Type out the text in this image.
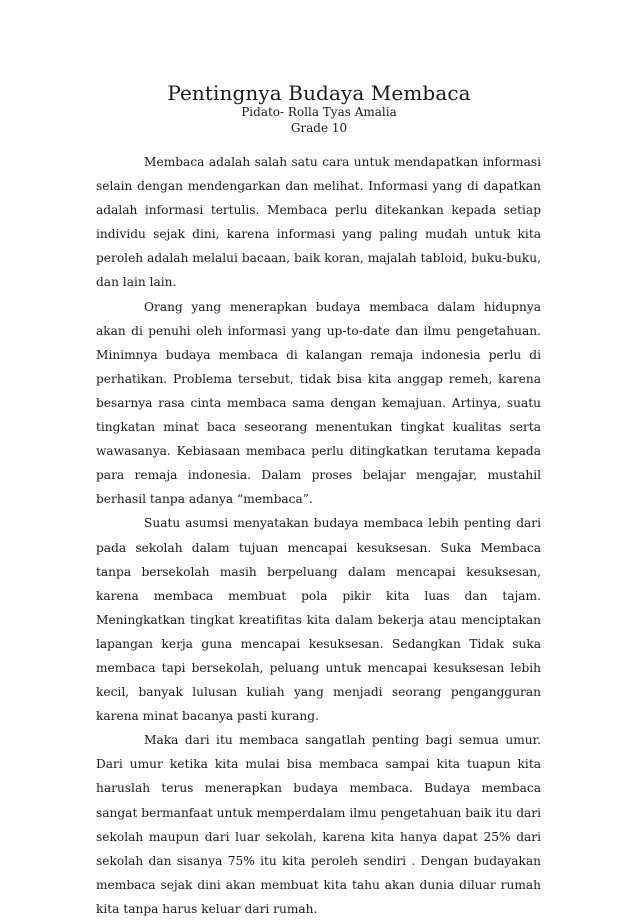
Pentingnya Budaya Membaca
Pidato- Rolla Tyas Amalia
Grade 10

Membaca adalah salah satu cara untuk mendapatkan informasi selain dengan mendengarkan dan melihat. Informasi yang di dapatkan adalah informasi tertulis. Membaca perlu ditekankan kepada setiap individu sejak dini, karena informasi yang paling mudah untuk kita peroleh adalah melalui bacaan, baik koran, majalah tabloid, buku-buku, dan lain lain.

Orang yang menerapkan budaya membaca dalam hidupnya akan di penuhi oleh informasi yang up-to-date dan ilmu pengetahuan. Minimnya budaya membaca di kalangan remaja indonesia perlu di perhatikan. Problema tersebut, tidak bisa kita anggap remeh, karena besarnya rasa cinta membaca sama dengan kemajuan. Artinya, suatu tingkatan minat baca seseorang menentukan tingkat kualitas serta wawasanya. Kebiasaan membaca perlu ditingkatkan terutama kepada para remaja indonesia. Dalam proses belajar mengajar, mustahil berhasil tanpa adanya “membaca”.

Suatu asumsi menyatakan budaya membaca lebih penting dari pada sekolah dalam tujuan mencapai kesuksesan. Suka Membaca tanpa bersekolah masih berpeluang dalam mencapai kesuksesan, karena membaca membuat pola pikir kita luas dan tajam. Meningkatkan tingkat kreatifitas kita dalam bekerja atau menciptakan lapangan kerja guna mencapai kesuksesan. Sedangkan Tidak suka membaca tapi bersekolah, peluang untuk mencapai kesuksesan lebih kecil, banyak lulusan kuliah yang menjadi seorang pengangguran karena minat bacanya pasti kurang.

Maka dari itu membaca sangatlah penting bagi semua umur. Dari umur ketika kita mulai bisa membaca sampai kita tuapun kita haruslah terus menerapkan budaya membaca. Budaya membaca sangat bermanfaat untuk memperdalam ilmu pengetahuan baik itu dari sekolah maupun dari luar sekolah, karena kita hanya dapat 25% dari sekolah dan sisanya 75% itu kita peroleh sendiri . Dengan budayakan membaca sejak dini akan membuat kita tahu akan dunia diluar rumah kita tanpa harus keluar dari rumah.
